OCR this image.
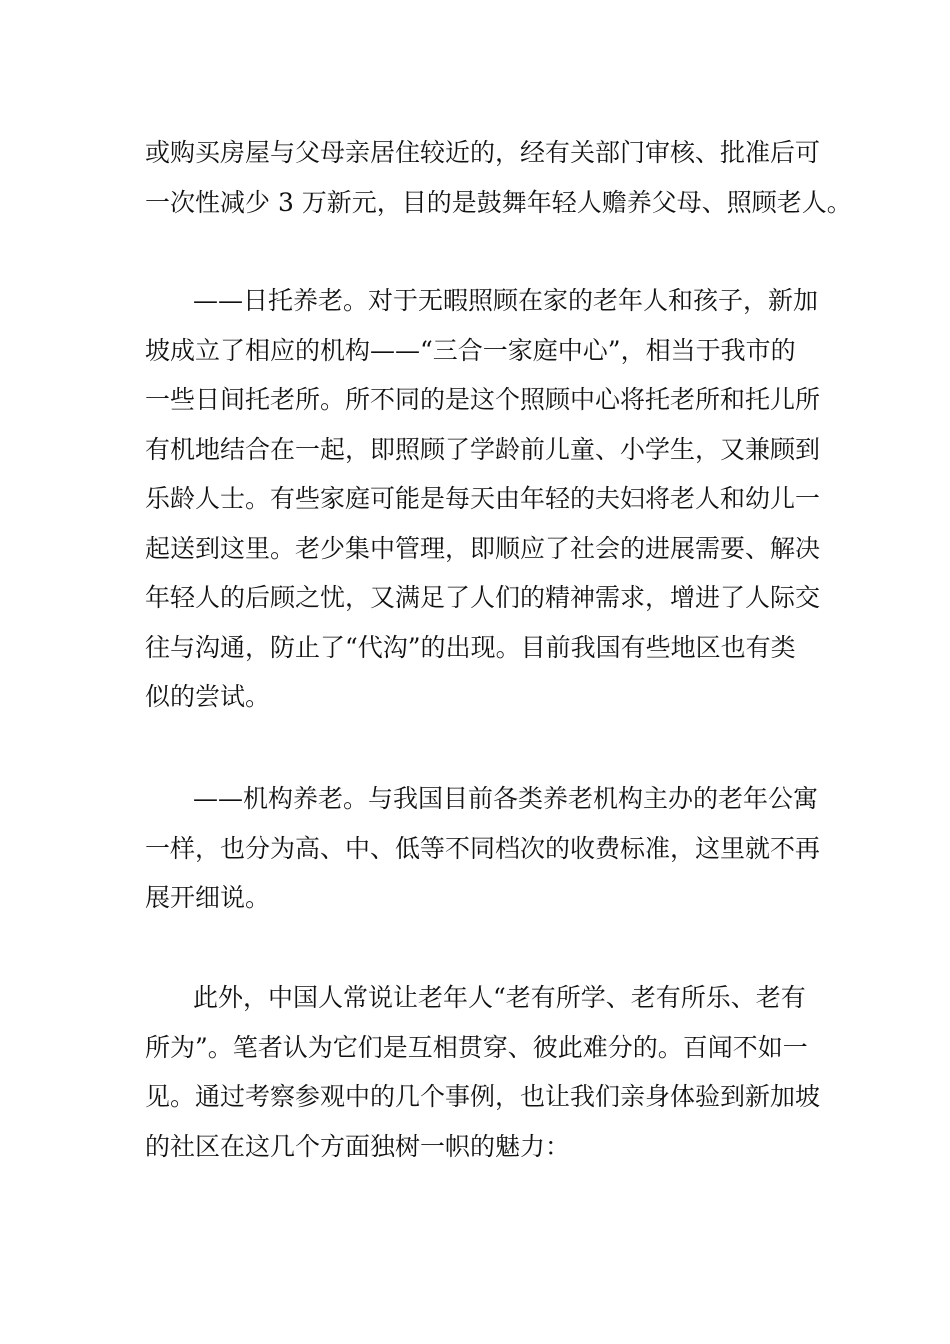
或购买房屋与父母亲居住较近的，经有关部门审核、批准后可
一次性减少 3 万新元，目的是鼓舞年轻人赡养父母、照顾老人。
——日托养老。对于无暇照顾在家的老年人和孩子，新加
坡成立了相应的机构——“三合一家庭中心”，相当于我市的
一些日间托老所。所不同的是这个照顾中心将托老所和托儿所
有机地结合在一起，即照顾了学龄前儿童、小学生，又兼顾到
乐龄人士。有些家庭可能是每天由年轻的夫妇将老人和幼儿一
起送到这里。老少集中管理，即顺应了社会的进展需要、解决
年轻人的后顾之忧，又满足了人们的精神需求，增进了人际交
往与沟通，防止了“代沟”的出现。目前我国有些地区也有类
似的尝试。
——机构养老。与我国目前各类养老机构主办的老年公寓
一样，也分为高、中、低等不同档次的收费标准，这里就不再
展开细说。
此外，中国人常说让老年人“老有所学、老有所乐、老有
所为”。笔者认为它们是互相贯穿、彼此难分的。百闻不如一
见。通过考察参观中的几个事例，也让我们亲身体验到新加坡
的社区在这几个方面独树一帜的魅力：
